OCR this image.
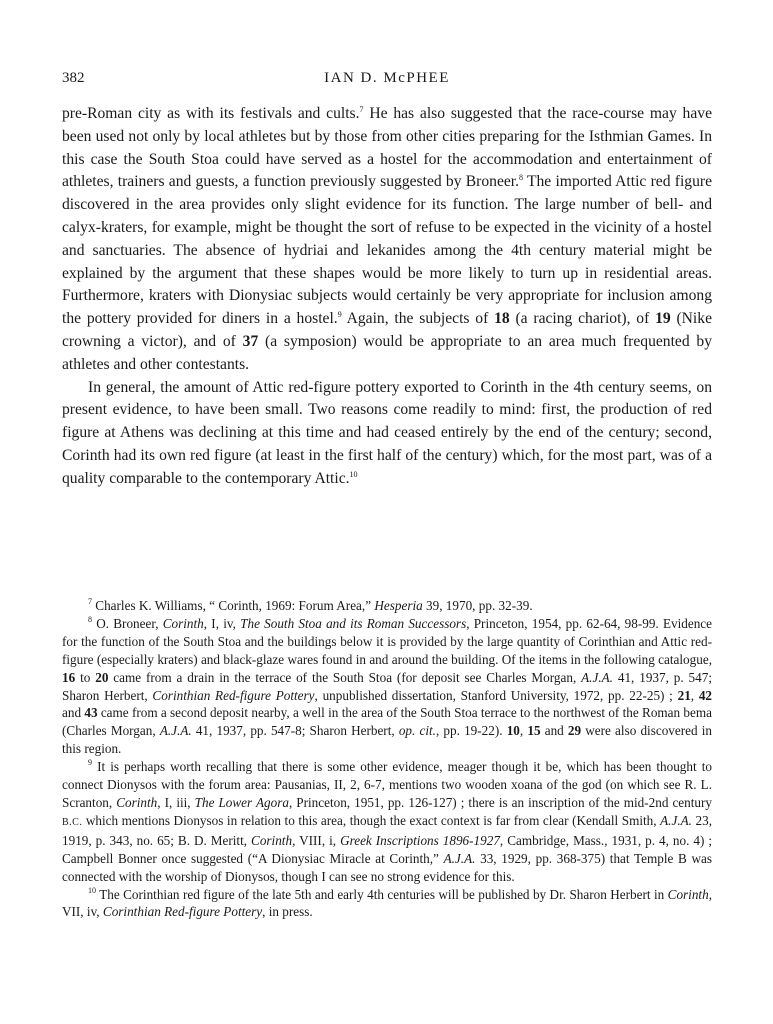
382	IAN D. McPHEE

pre-Roman city as with its festivals and cults.$^7$ He has also suggested that the race-course may have been used not only by local athletes but by those from other cities preparing for the Isthmian Games. In this case the South Stoa could have served as a hostel for the accommodation and entertainment of athletes, trainers and guests, a function previously suggested by Broneer.$^8$ The imported Attic red figure discovered in the area provides only slight evidence for its function. The large number of bell- and calyx-kraters, for example, might be thought the sort of refuse to be expected in the vicinity of a hostel and sanctuaries. The absence of hydriai and lekanides among the 4th century material might be explained by the argument that these shapes would be more likely to turn up in residential areas. Furthermore, kraters with Dionysiac subjects would certainly be very appropriate for inclusion among the pottery provided for diners in a hostel.$^9$ Again, the subjects of 18 (a racing chariot), of 19 (Nike crowning a victor), and of 37 (a symposion) would be appropriate to an area much frequented by athletes and other contestants.

In general, the amount of Attic red-figure pottery exported to Corinth in the 4th century seems, on present evidence, to have been small. Two reasons come readily to mind: first, the production of red figure at Athens was declining at this time and had ceased entirely by the end of the century; second, Corinth had its own red figure (at least in the first half of the century) which, for the most part, was of a quality comparable to the contemporary Attic.$^{10}$

$^7$ Charles K. Williams, “ Corinth, 1969: Forum Area,” Hesperia 39, 1970, pp. 32-39.

$^8$ O. Broneer, Corinth, I, iv, The South Stoa and its Roman Successors, Princeton, 1954, pp. 62-64, 98-99. Evidence for the function of the South Stoa and the buildings below it is provided by the large quantity of Corinthian and Attic red-figure (especially kraters) and black-glaze wares found in and around the building. Of the items in the following catalogue, 16 to 20 came from a drain in the terrace of the South Stoa (for deposit see Charles Morgan, A.J.A. 41, 1937, p. 547; Sharon Herbert, Corinthian Red-figure Pottery, unpublished dissertation, Stanford University, 1972, pp. 22-25) ; 21, 42 and 43 came from a second deposit nearby, a well in the area of the South Stoa terrace to the northwest of the Roman bema (Charles Morgan, A.J.A. 41, 1937, pp. 547-8; Sharon Herbert, op. cit., pp. 19-22). 10, 15 and 29 were also discovered in this region.

$^9$ It is perhaps worth recalling that there is some other evidence, meager though it be, which has been thought to connect Dionysos with the forum area: Pausanias, II, 2, 6-7, mentions two wooden xoana of the god (on which see R. L. Scranton, Corinth, I, iii, The Lower Agora, Princeton, 1951, pp. 126-127) ; there is an inscription of the mid-2nd century B.C. which mentions Dionysos in relation to this area, though the exact context is far from clear (Kendall Smith, A.J.A. 23, 1919, p. 343, no. 65; B. D. Meritt, Corinth, VIII, i, Greek Inscriptions 1896-1927, Cambridge, Mass., 1931, p. 4, no. 4) ; Campbell Bonner once suggested (“A Dionysiac Miracle at Corinth,” A.J.A. 33, 1929, pp. 368-375) that Temple B was connected with the worship of Dionysos, though I can see no strong evidence for this.

$^{10}$ The Corinthian red figure of the late 5th and early 4th centuries will be published by Dr. Sharon Herbert in Corinth, VII, iv, Corinthian Red-figure Pottery, in press.
